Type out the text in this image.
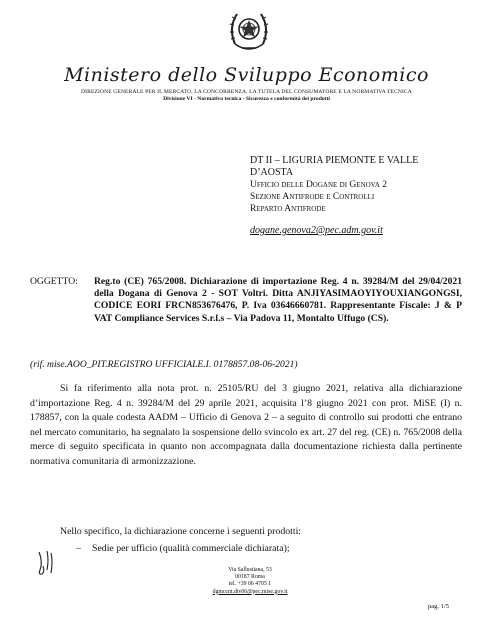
Ministero dello Sviluppo Economico
DIREZIONE GENERALE PER IL MERCATO, LA CONCORRENZA, LA TUTELA DEL CONSUMATORE E LA NORMATIVA TECNICA
Divisione VI - Normativa tecnica - Sicurezza e conformità dei prodotti
DT II – LIGURIA PIEMONTE E VALLE
D’AOSTA
Ufficio delle Dogane di Genova 2
Sezione Antifrode e Controlli
Reparto Antifrode
dogane.genova2@pec.adm.gov.it
OGGETTO: Reg.to (CE) 765/2008. Dichiarazione di importazione Reg. 4 n. 39284/M del 29/04/2021 della Dogana di Genova 2 - SOT Voltri. Ditta ANJIYASIMAOYIYOUXIANGONGSI, CODICE EORI FRCN853676476, P. Iva 03646660781. Rappresentante Fiscale: J & P VAT Compliance Services S.r.l.s – Via Padova 11, Montalto Uffugo (CS).
(rif. mise.AOO_PIT.REGISTRO UFFICIALE.I. 0178857.08-06-2021)
Si fa riferimento alla nota prot. n. 25105/RU del 3 giugno 2021, relativa alla dichiarazione d’importazione Reg. 4 n. 39284/M del 29 aprile 2021, acquisita l’8 giugno 2021 con prot. MiSE (I) n. 178857, con la quale codesta AADM – Ufficio di Genova 2 – a seguito di controllo sui prodotti che entrano nel mercato comunitario, ha segnalato la sospensione dello svincolo ex art. 27 del reg. (CE) n. 765/2008 della merce di seguito specificata in quanto non accompagnata dalla documentazione richiesta dalla pertinente normativa comunitaria di armonizzazione.
Nello specifico, la dichiarazione concerne i seguenti prodotti:
– Sedie per ufficio (qualità commerciale dichiarata);
Via Sallustiana, 53
00187 Roma
tel. +39 06 4705 1
dgmccnt.div06@pec.mise.gov.it
pag. 1/5
